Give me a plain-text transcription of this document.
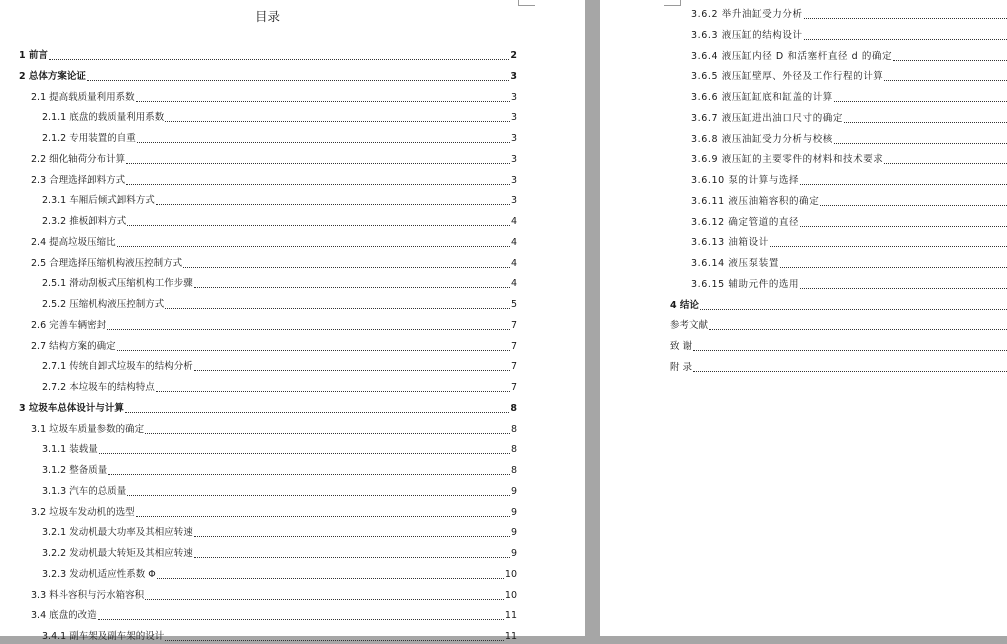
目录
1 前言	2
2 总体方案论证	3
2.1 提高载质量利用系数	3
2.1.1 底盘的载质量利用系数	3
2.1.2 专用装置的自重	3
2.2 细化轴荷分布计算	3
2.3 合理选择卸料方式	3
2.3.1 车厢后倾式卸料方式	3
2.3.2 推板卸料方式	4
2.4 提高垃圾压缩比	4
2.5 合理选择压缩机构液压控制方式	4
2.5.1 滑动刮板式压缩机构工作步骤	4
2.5.2 压缩机构液压控制方式	5
2.6 完善车辆密封	7
2.7 结构方案的确定	7
2.7.1 传统自卸式垃圾车的结构分析	7
2.7.2 本垃圾车的结构特点	7
3 垃圾车总体设计与计算	8
3.1 垃圾车质量参数的确定	8
3.1.1 装载量	8
3.1.2 整备质量	8
3.1.3 汽车的总质量	9
3.2 垃圾车发动机的选型	9
3.2.1 发动机最大功率及其相应转速	9
3.2.2 发动机最大转矩及其相应转速	9
3.2.3 发动机适应性系数 Φ	10
3.3 料斗容积与污水箱容积	10
3.4 底盘的改造	11
3.4.1 副车架及副车架的设计	11
3.6.2 举升油缸受力分析
3.6.3 液压缸的结构设计
3.6.4 液压缸内径 D 和活塞杆直径 d 的确定
3.6.5 液压缸壁厚、外径及工作行程的计算
3.6.6 液压缸缸底和缸盖的计算
3.6.7 液压缸进出油口尺寸的确定
3.6.8 液压油缸受力分析与校核
3.6.9 液压缸的主要零件的材料和技术要求
3.6.10 泵的计算与选择
3.6.11 液压油箱容积的确定
3.6.12 确定管道的直径
3.6.13 油箱设计
3.6.14 液压泵装置
3.6.15 辅助元件的选用
4 结论
参考文献
致 谢
附 录
